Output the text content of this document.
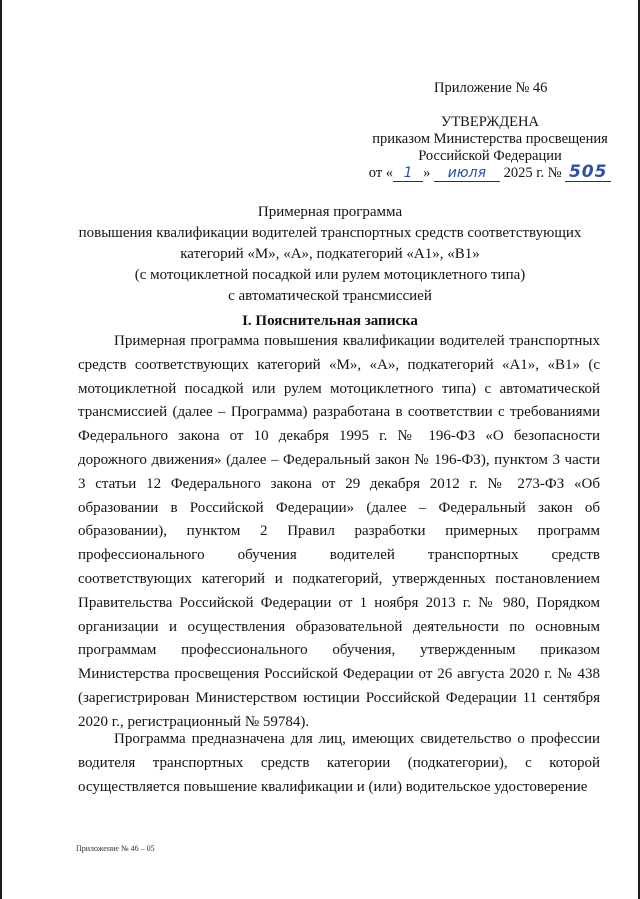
Приложение № 46
УТВЕРЖДЕНА
приказом Министерства просвещения
Российской Федерации
от « 1 » июля 2025 г. № 505
Примерная программа
повышения квалификации водителей транспортных средств соответствующих
категорий «М», «А», подкатегорий «А1», «В1»
(с мотоциклетной посадкой или рулем мотоциклетного типа)
с автоматической трансмиссией
I. Пояснительная записка

Примерная программа повышения квалификации водителей транспортных средств соответствующих категорий «М», «А», подкатегорий «А1», «В1» (с мотоциклетной посадкой или рулем мотоциклетного типа) с автоматической трансмиссией (далее – Программа) разработана в соответствии с требованиями Федерального закона от 10 декабря 1995 г. № 196-ФЗ «О безопасности дорожного движения» (далее – Федеральный закон № 196-ФЗ), пунктом 3 части 3 статьи 12 Федерального закона от 29 декабря 2012 г. № 273-ФЗ «Об образовании в Российской Федерации» (далее – Федеральный закон об образовании), пунктом 2 Правил разработки примерных программ профессионального обучения водителей транспортных средств соответствующих категорий и подкатегорий, утвержденных постановлением Правительства Российской Федерации от 1 ноября 2013 г. № 980, Порядком организации и осуществления образовательной деятельности по основным программам профессионального обучения, утвержденным приказом Министерства просвещения Российской Федерации от 26 августа 2020 г. № 438 (зарегистрирован Министерством юстиции Российской Федерации 11 сентября 2020 г., регистрационный № 59784).

Программа предназначена для лиц, имеющих свидетельство о профессии водителя транспортных средств категории (подкатегории), с которой осуществляется повышение квалификации и (или) водительское удостоверение

Приложение № 46 – 05
